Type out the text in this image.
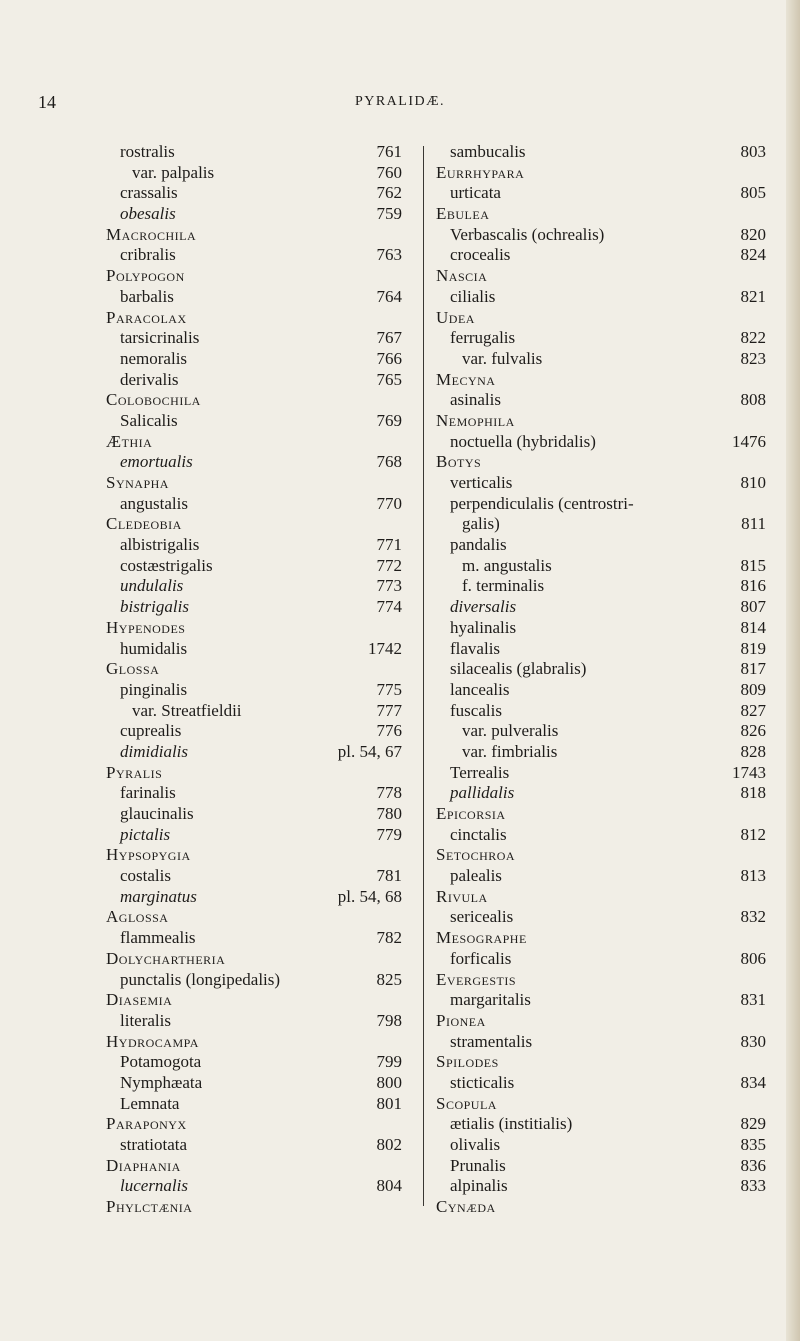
14	PYRALIDÆ.
rostralis	761
var. palpalis	760
crassalis	762
obesalis	759
Macrochila
cribralis	763
Polypogon
barbalis	764
Paracolax
tarsicrinalis	767
nemoralis	766
derivalis	765
Colobochila
Salicalis	769
Æthia
emortualis	768
Synapha
angustalis	770
Cledeobia
albistrigalis	771
costæstrigalis	772
undulalis	773
bistrigalis	774
Hypenodes
humidalis	1742
Glossa
pinginalis	775
var. Streatfieldii	777
cuprealis	776
dimidialis	pl. 54, 67
Pyralis
farinalis	778
glaucinalis	780
pictalis	779
Hypsopygia
costalis	781
marginatus	pl. 54, 68
Aglossa
flammealis	782
Dolychartheria
punctalis (longipedalis)	825
Diasemia
literalis	798
Hydrocampa
Potamogota	799
Nymphæata	800
Lemnata	801
Paraponyx
stratiotata	802
Diaphania
lucernalis	804
Phylctænia
sambucalis	803
Eurrhypara
urticata	805
Ebulea
Verbascalis (ochrealis)	820
crocealis	824
Nascia
cilialis	821
Udea
ferrugalis	822
var. fulvalis	823
Mecyna
asinalis	808
Nemophila
noctuella (hybridalis)	1476
Botys
verticalis	810
perpendiculalis (centrostri-
galis)	811
pandalis
m. angustalis	815
f. terminalis	816
diversalis	807
hyalinalis	814
flavalis	819
silacealis (glabralis)	817
lancealis	809
fuscalis	827
var. pulveralis	826
var. fimbrialis	828
Terrealis	1743
pallidalis	818
Epicorsia
cinctalis	812
Setochroa
palealis	813
Rivula
sericealis	832
Mesographe
forficalis	806
Evergestis
margaritalis	831
Pionea
stramentalis	830
Spilodes
sticticalis	834
Scopula
ætialis (institialis)	829
olivalis	835
Prunalis	836
alpinalis	833
Cynæda
